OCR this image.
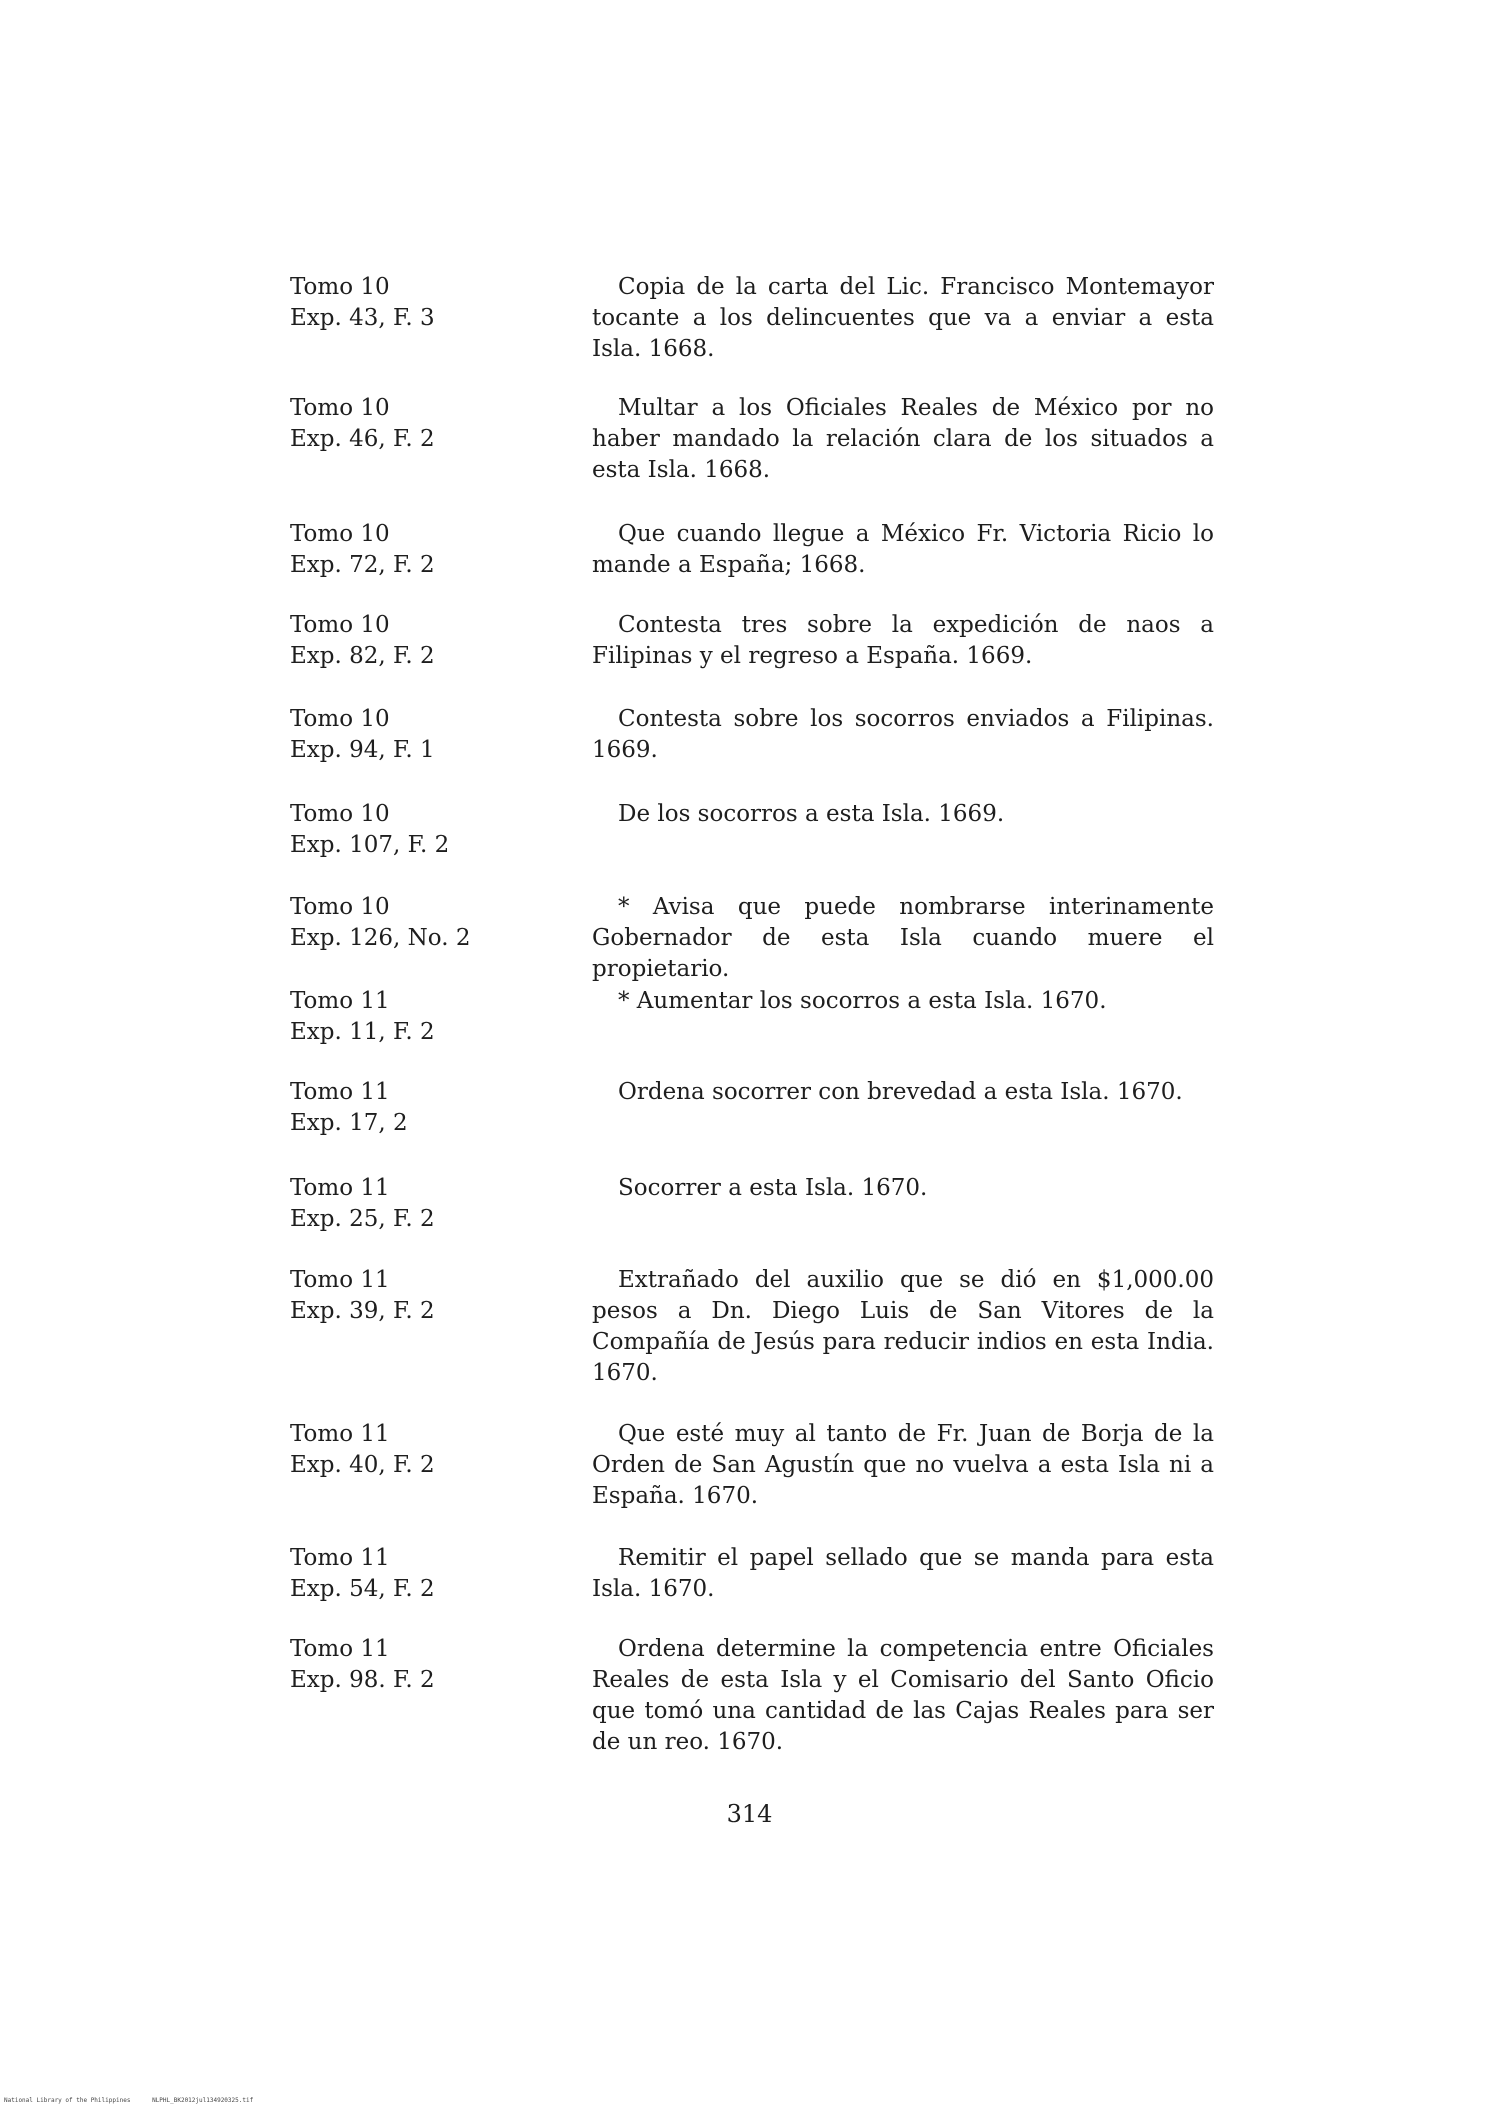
Tomo 10
Exp. 43, F. 3
Copia de la carta del Lic. Francisco Montemayor tocante a los delincuentes que va a enviar a esta Isla. 1668.
Tomo 10
Exp. 46, F. 2
Multar a los Oficiales Reales de México por no haber mandado la relación clara de los situados a esta Isla. 1668.
Tomo 10
Exp. 72, F. 2
Que cuando llegue a México Fr. Victoria Ricio lo mande a España; 1668.
Tomo 10
Exp. 82, F. 2
Contesta tres sobre la expedición de naos a Filipinas y el regreso a España. 1669.
Tomo 10
Exp. 94, F. 1
Contesta sobre los socorros enviados a Filipinas. 1669.
Tomo 10
Exp. 107, F. 2
De los socorros a esta Isla. 1669.
Tomo 10
Exp. 126, No. 2
* Avisa que puede nombrarse interinamente Gobernador de esta Isla cuando muere el propietario.
Tomo 11
Exp. 11, F. 2
* Aumentar los socorros a esta Isla. 1670.
Tomo 11
Exp. 17, 2
Ordena socorrer con brevedad a esta Isla. 1670.
Tomo 11
Exp. 25, F. 2
Socorrer a esta Isla. 1670.
Tomo 11
Exp. 39, F. 2
Extrañado del auxilio que se dió en $1,000.00 pesos a Dn. Diego Luis de San Vitores de la Compañía de Jesús para reducir indios en esta India. 1670.
Tomo 11
Exp. 40, F. 2
Que esté muy al tanto de Fr. Juan de Borja de la Orden de San Agustín que no vuelva a esta Isla ni a España. 1670.
Tomo 11
Exp. 54, F. 2
Remitir el papel sellado que se manda para esta Isla. 1670.
Tomo 11
Exp. 98. F. 2
Ordena determine la competencia entre Oficiales Reales de esta Isla y el Comisario del Santo Oficio que tomó una cantidad de las Cajas Reales para ser de un reo. 1670.
314
National Library of the Philippines	NLPHL_BK2012jul134920325.tif
